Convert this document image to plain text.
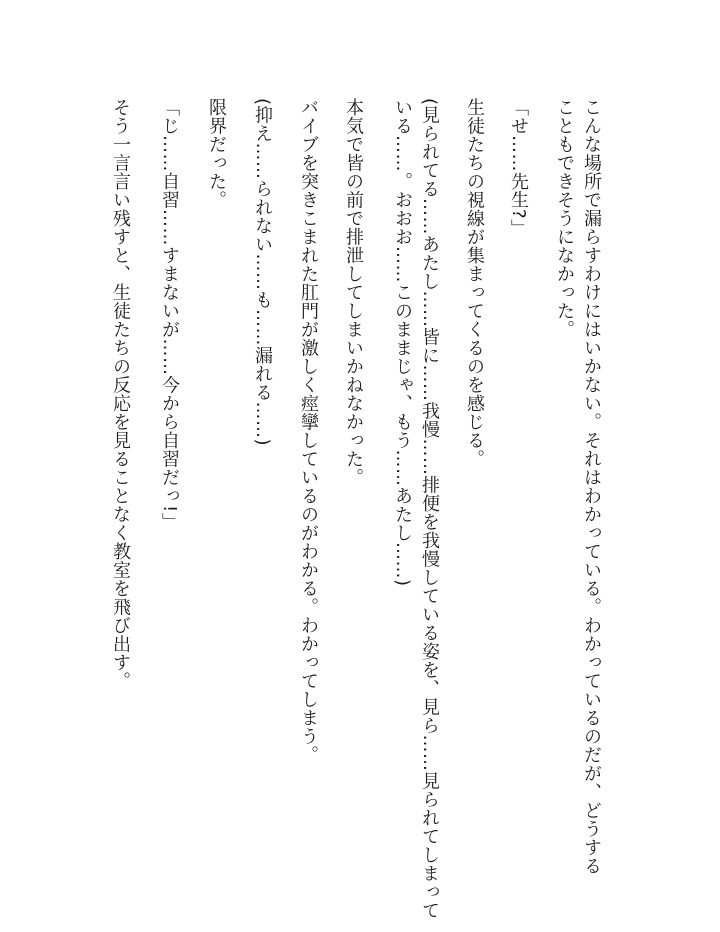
こんな場所で漏らすわけにはいかない。それはわかっている。わかっているのだが、どうする
こともできそうになかった。
「せ……先生?」
生徒たちの視線が集まってくるのを感じる。
(見られてる……あたし……皆に……我慢……排便を我慢している姿を、見ら……見られてしまって
いる……。おおお……このままじゃ、もう……あたし……)
本気で皆の前で排泄してしまいかねなかった。
バイブを突きこまれた肛門が激しく痙攣しているのがわかる。わかってしまう。
(抑え……られない……も……漏れる……)
限界だった。
「じ……自習……すまないが……今から自習だっ!」
そう一言言い残すと、生徒たちの反応を見ることなく教室を飛び出す。
